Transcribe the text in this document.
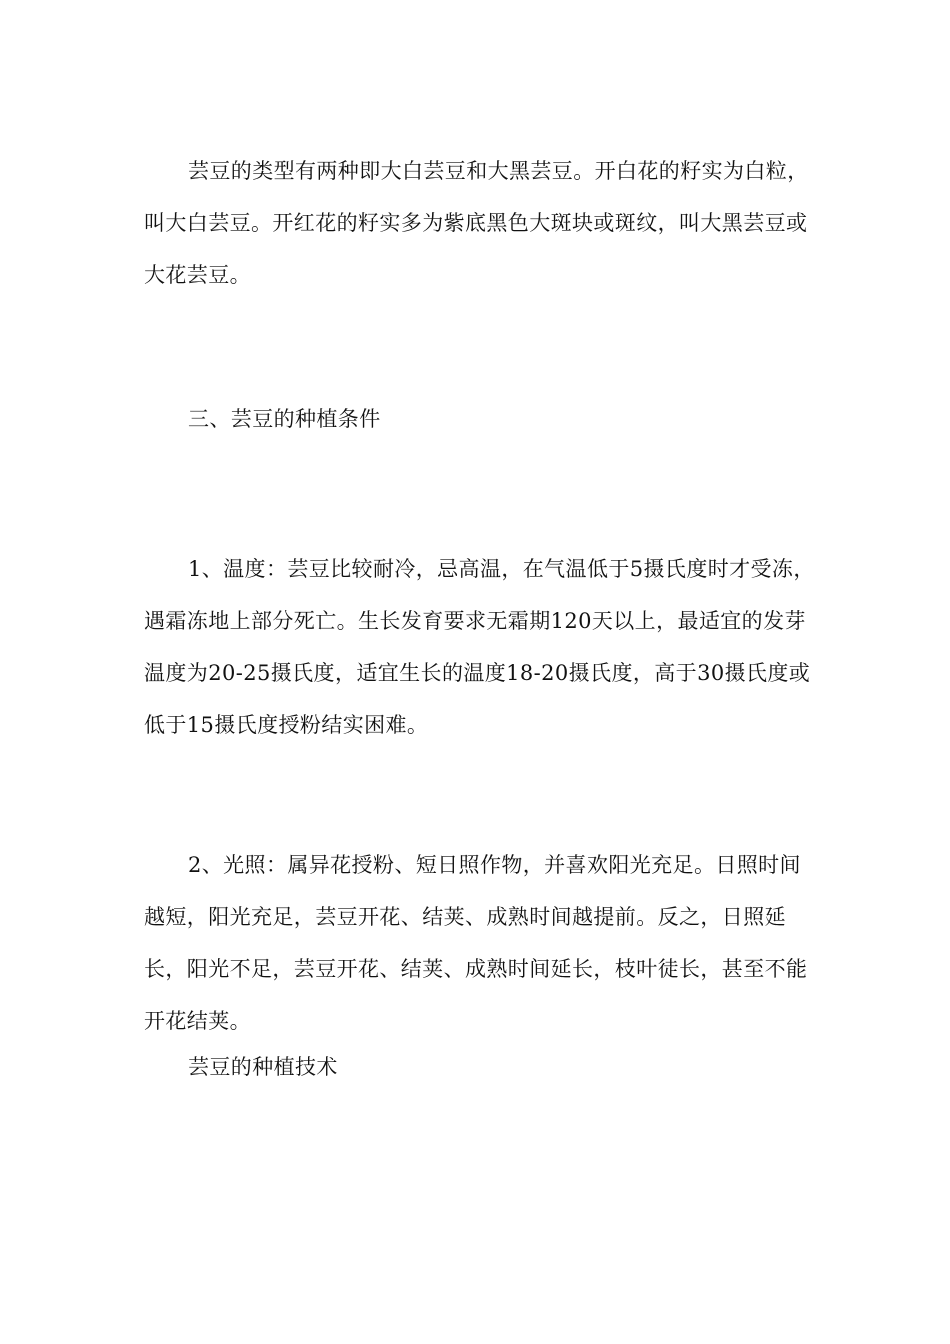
芸豆的类型有两种即大白芸豆和大黑芸豆。开白花的籽实为白粒，叫大白芸豆。开红花的籽实多为紫底黑色大斑块或斑纹，叫大黑芸豆或大花芸豆。

三、芸豆的种植条件

1、温度：芸豆比较耐冷，忌高温，在气温低于5摄氏度时才受冻，遇霜冻地上部分死亡。生长发育要求无霜期120天以上，最适宜的发芽温度为20-25摄氏度，适宜生长的温度18-20摄氏度，高于30摄氏度或低于15摄氏度授粉结实困难。

2、光照：属异花授粉、短日照作物，并喜欢阳光充足。日照时间越短，阳光充足，芸豆开花、结荚、成熟时间越提前。反之，日照延长，阳光不足，芸豆开花、结荚、成熟时间延长，枝叶徒长，甚至不能开花结荚。

芸豆的种植技术
